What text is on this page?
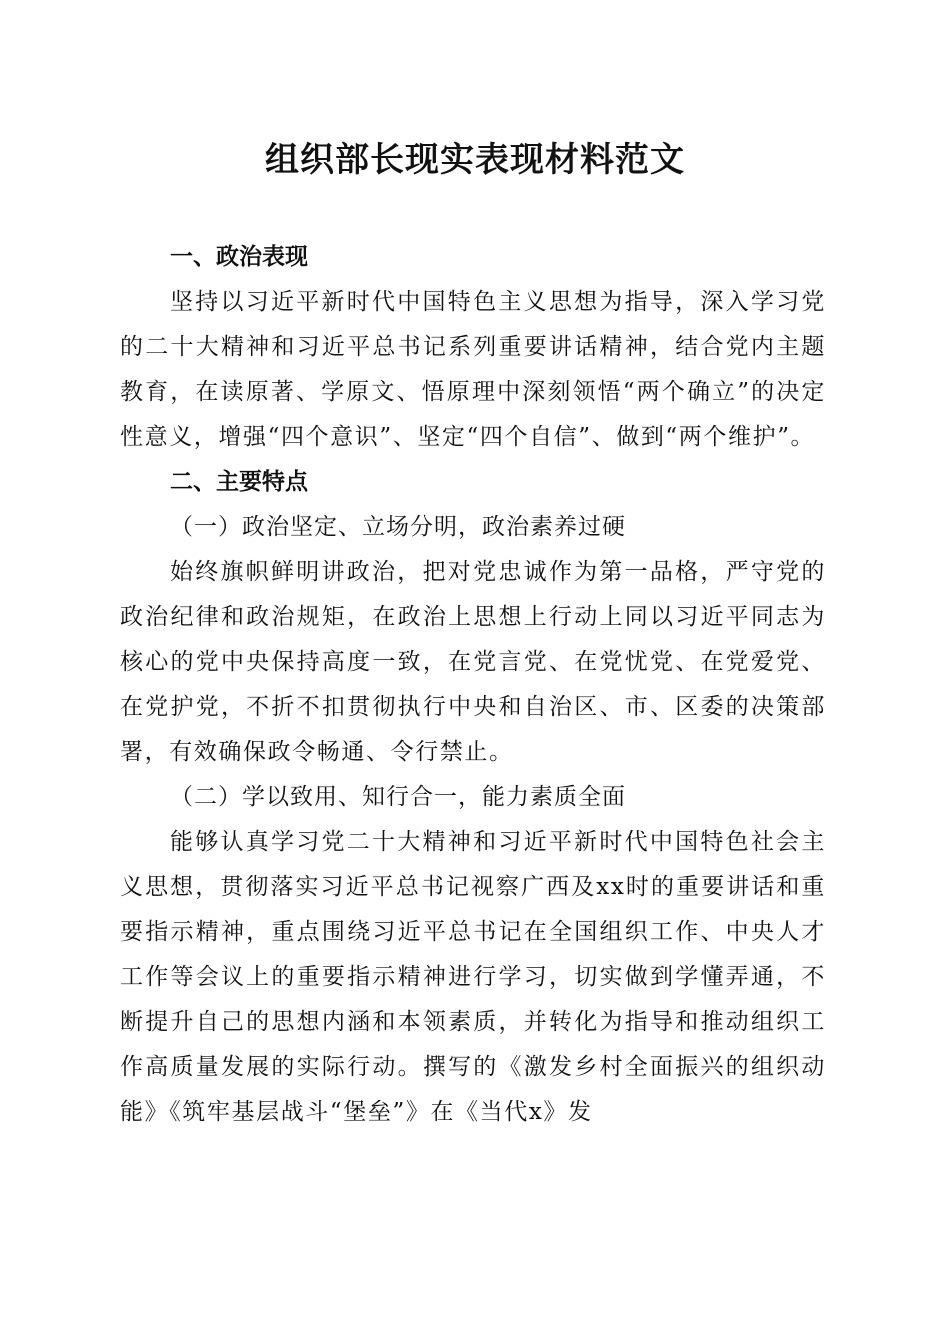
组织部长现实表现材料范文

一、政治表现

坚持以习近平新时代中国特色主义思想为指导，深入学习党的二十大精神和习近平总书记系列重要讲话精神，结合党内主题教育，在读原著、学原文、悟原理中深刻领悟“两个确立”的决定性意义，增强“四个意识”、坚定“四个自信”、做到“两个维护”。

二、主要特点

（一）政治坚定、立场分明，政治素养过硬

始终旗帜鲜明讲政治，把对党忠诚作为第一品格，严守党的政治纪律和政治规矩，在政治上思想上行动上同以习近平同志为核心的党中央保持高度一致，在党言党、在党忧党、在党爱党、在党护党，不折不扣贯彻执行中央和自治区、市、区委的决策部署，有效确保政令畅通、令行禁止。

（二）学以致用、知行合一，能力素质全面

能够认真学习党二十大精神和习近平新时代中国特色社会主义思想，贯彻落实习近平总书记视察广西及xx时的重要讲话和重要指示精神，重点围绕习近平总书记在全国组织工作、中央人才工作等会议上的重要指示精神进行学习，切实做到学懂弄通，不断提升自己的思想内涵和本领素质，并转化为指导和推动组织工作高质量发展的实际行动。撰写的《激发乡村全面振兴的组织动能》《筑牢基层战斗“堡垒”》在《当代x》发
